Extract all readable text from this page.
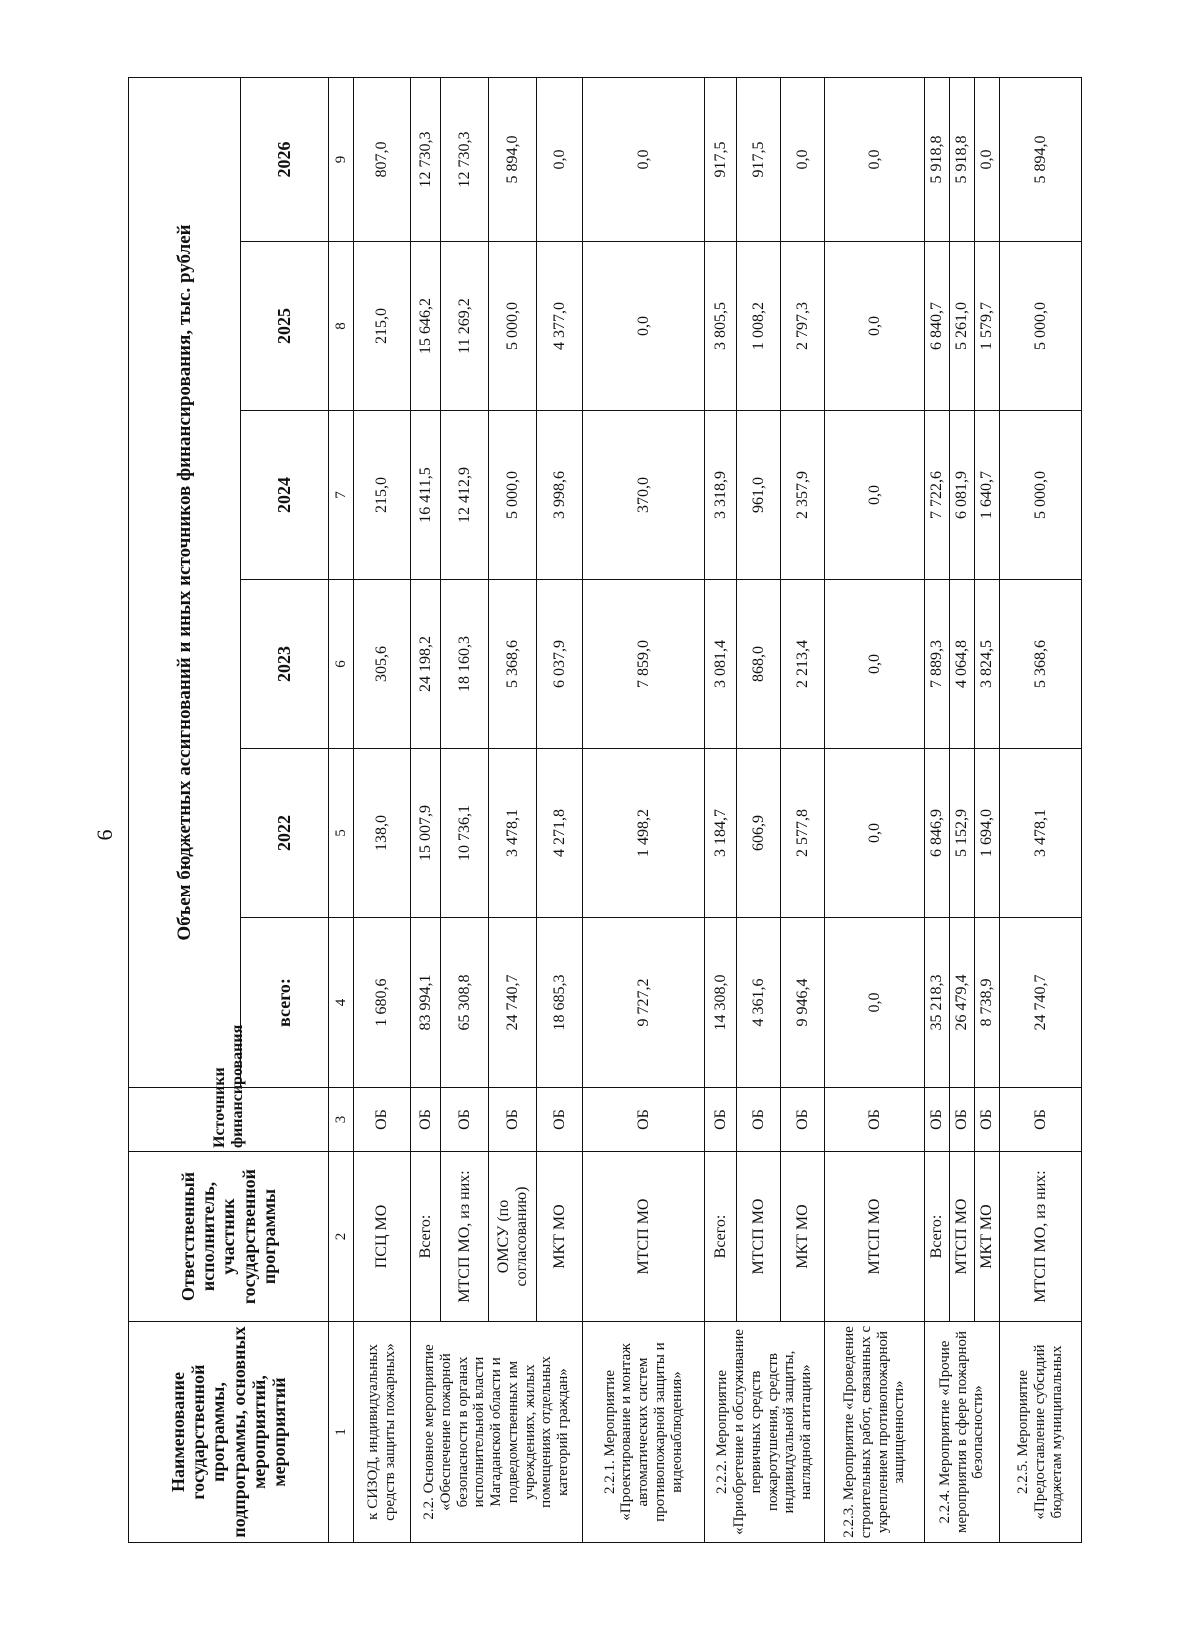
6
Наименование государственной программы, подпрограммы, основных мероприятий, мероприятий	Ответственный исполнитель, участник государственной программы	Источники финансирования	Объем бюджетных ассигнований и иных источников финансирования, тыс. рублей					
			всего:	2022	2023	2024	2025	2026
1	2	3	4	5	6	7	8	9
к СИЗОД, индивидуальных средств защиты пожарных»	ПСЦ МО	ОБ	1 680,6	138,0	305,6	215,0	215,0	807,0
2.2. Основное мероприятие «Обеспечение пожарной безопасности в органах исполнительной власти Магаданской области и подведомственных им учреждениях, жилых помещениях отдельных категорий граждан»	Всего:	ОБ	83 994,1	15 007,9	24 198,2	16 411,5	15 646,2	12 730,3
	МТСП МО, из них:	ОБ	65 308,8	10 736,1	18 160,3	12 412,9	11 269,2	12 730,3
	ОМСУ (по согласованию)	ОБ	24 740,7	3 478,1	5 368,6	5 000,0	5 000,0	5 894,0
	МКТ МО	ОБ	18 685,3	4 271,8	6 037,9	3 998,6	4 377,0	0,0
2.2.1. Мероприятие «Проектирование и монтаж автоматических систем противопожарной защиты и видеонаблюдения»	МТСП МО	ОБ	9 727,2	1 498,2	7 859,0	370,0	0,0	0,0
2.2.2. Мероприятие «Приобретение и обслуживание первичных средств пожаротушения, средств индивидуальной защиты, наглядной агитации»	Всего:	ОБ	14 308,0	3 184,7	3 081,4	3 318,9	3 805,5	917,5
	МТСП МО	ОБ	4 361,6	606,9	868,0	961,0	1 008,2	917,5
	МКТ МО	ОБ	9 946,4	2 577,8	2 213,4	2 357,9	2 797,3	0,0
2.2.3. Мероприятие «Проведение строительных работ, связанных с укреплением противопожарной защищенности»	МТСП МО	ОБ	0,0	0,0	0,0	0,0	0,0	0,0
2.2.4. Мероприятие «Прочие мероприятия в сфере пожарной безопасности»	Всего:	ОБ	35 218,3	6 846,9	7 889,3	7 722,6	6 840,7	5 918,8
	МТСП МО	ОБ	26 479,4	5 152,9	4 064,8	6 081,9	5 261,0	5 918,8
	МКТ МО	ОБ	8 738,9	1 694,0	3 824,5	1 640,7	1 579,7	0,0
2.2.5. Мероприятие «Предоставление субсидий бюджетам муниципальных	МТСП МО, из них:	ОБ	24 740,7	3 478,1	5 368,6	5 000,0	5 000,0	5 894,0
